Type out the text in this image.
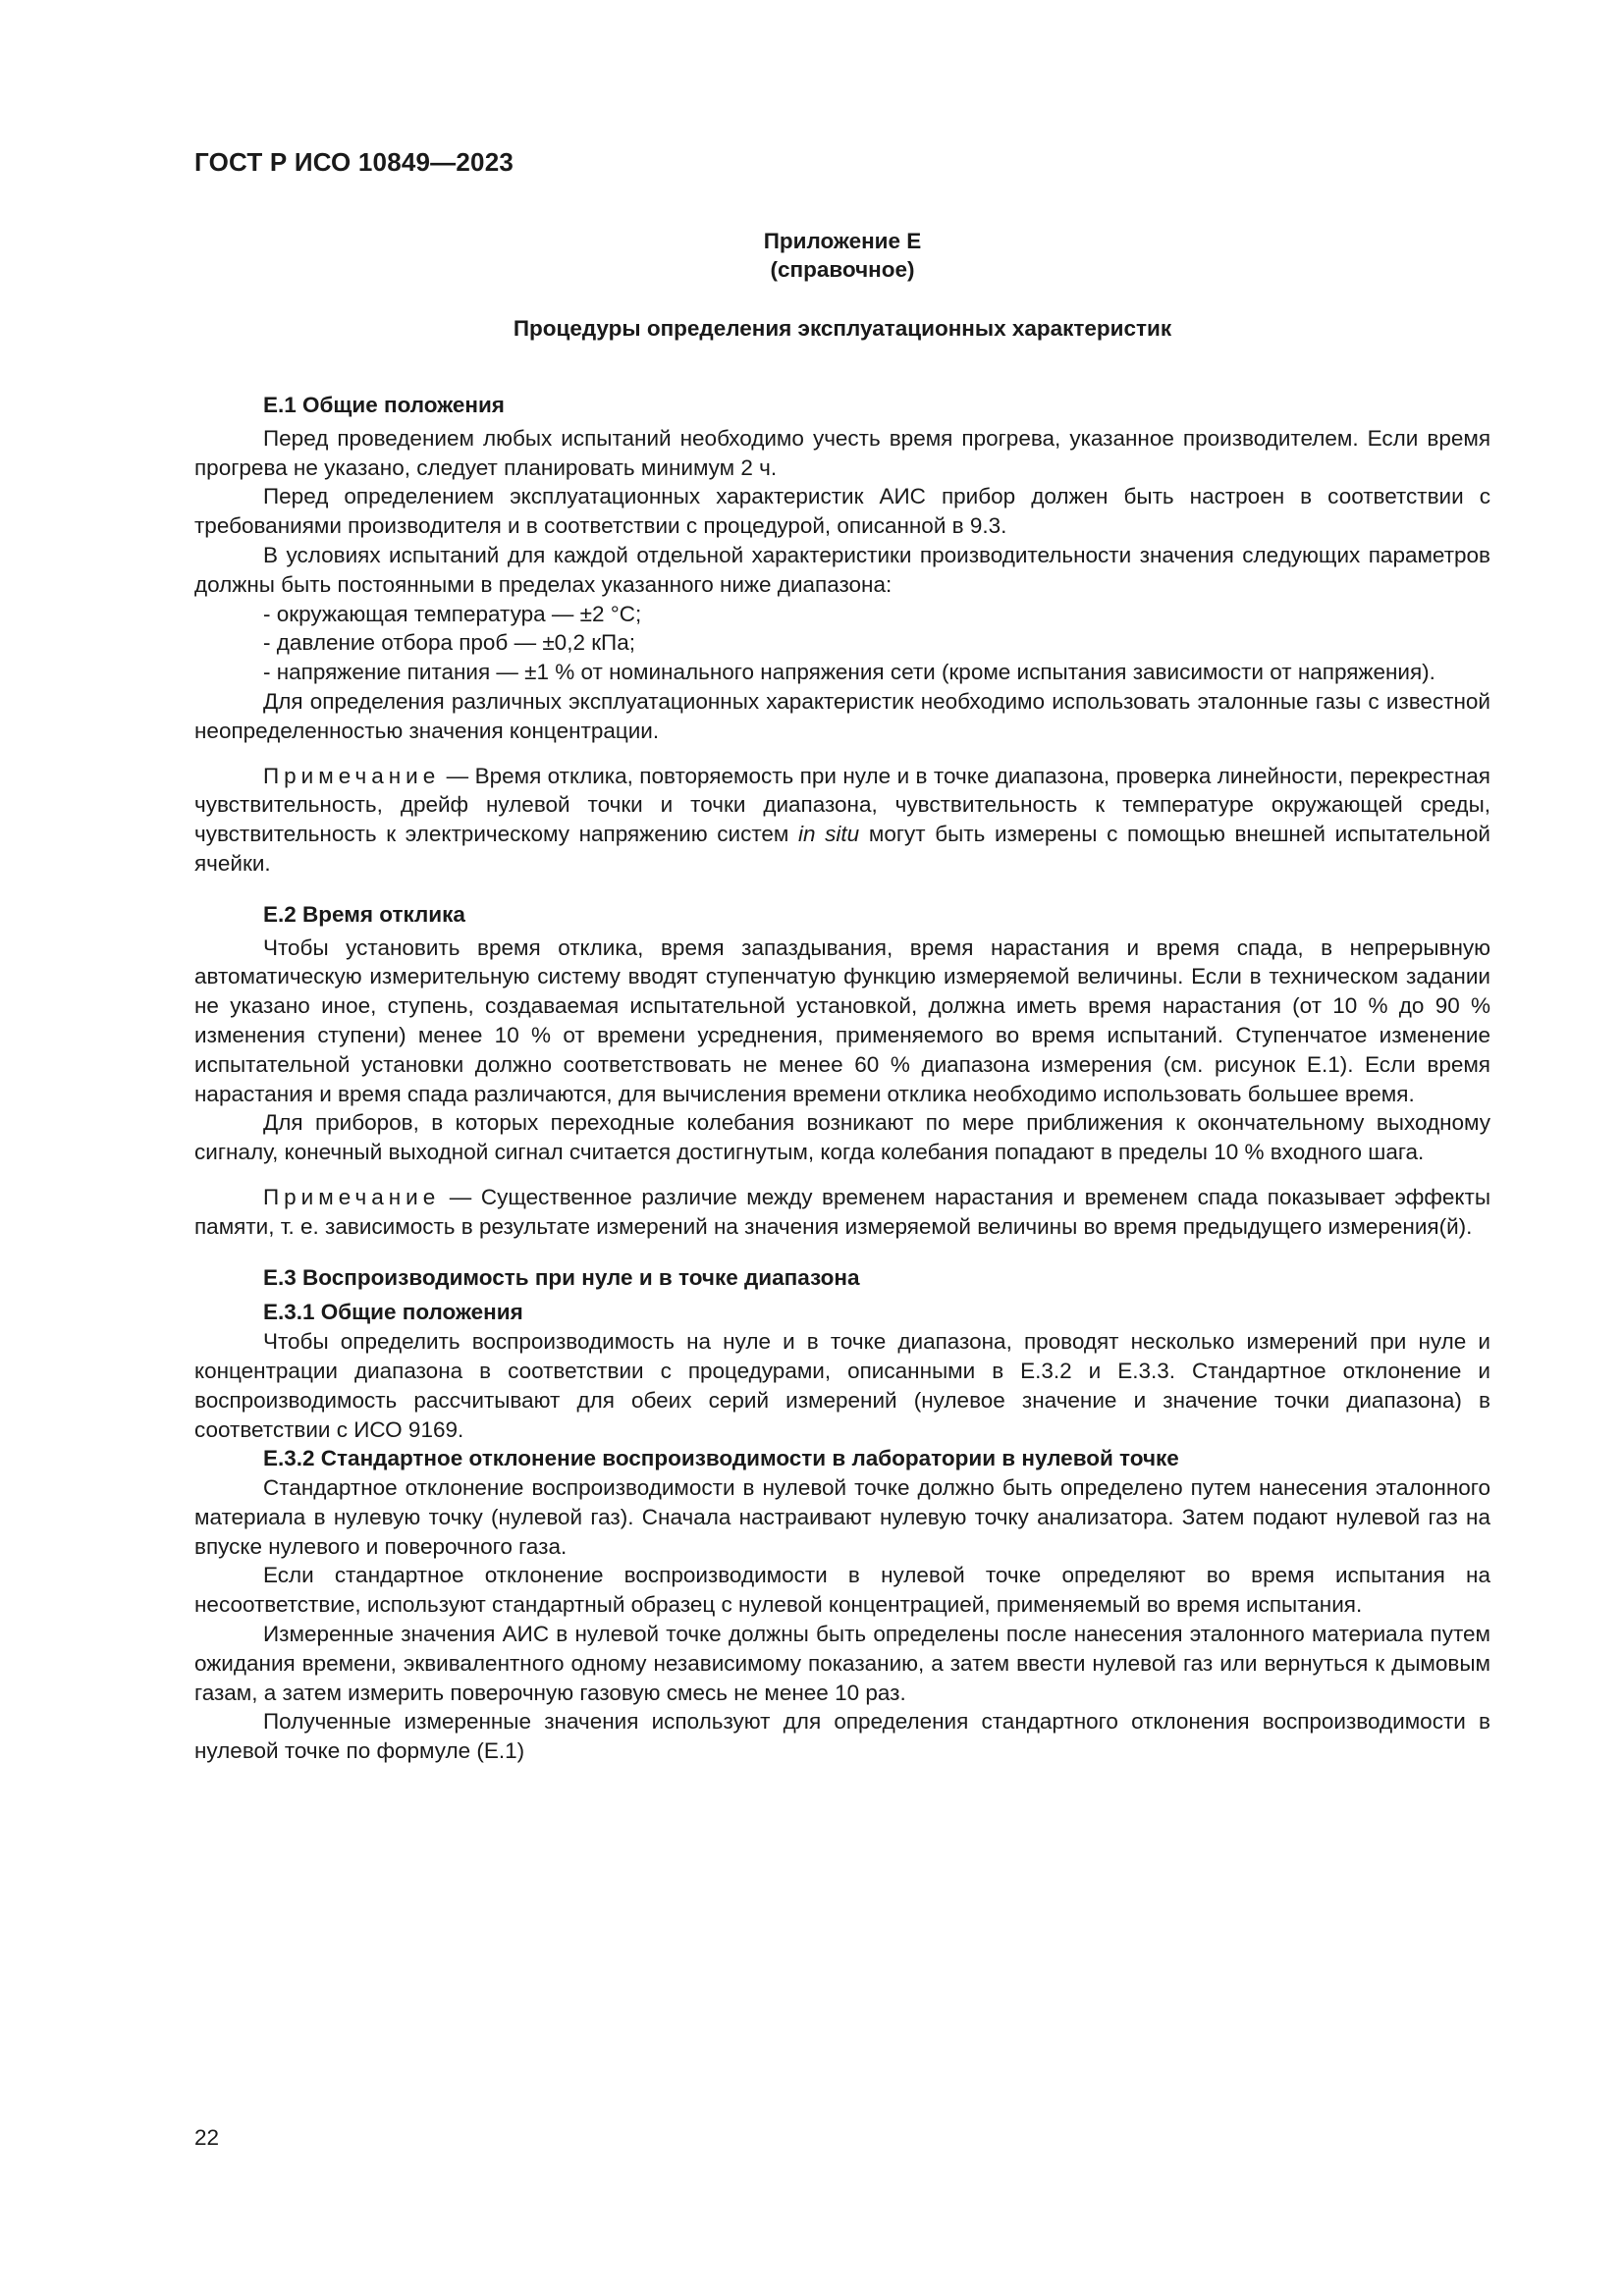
ГОСТ Р ИСО 10849—2023
Приложение Е
(справочное)
Процедуры определения эксплуатационных характеристик
Е.1 Общие положения

Перед проведением любых испытаний необходимо учесть время прогрева, указанное производителем. Если время прогрева не указано, следует планировать минимум 2 ч.

Перед определением эксплуатационных характеристик АИС прибор должен быть настроен в соответствии с требованиями производителя и в соответствии с процедурой, описанной в 9.3.

В условиях испытаний для каждой отдельной характеристики производительности значения следующих параметров должны быть постоянными в пределах указанного ниже диапазона:

- окружающая температура — ±2 °С;

- давление отбора проб — ±0,2 кПа;

- напряжение питания — ±1 % от номинального напряжения сети (кроме испытания зависимости от напряжения).

Для определения различных эксплуатационных характеристик необходимо использовать эталонные газы с известной неопределенностью значения концентрации.

Примечание — Время отклика, повторяемость при нуле и в точке диапазона, проверка линейности, перекрестная чувствительность, дрейф нулевой точки и точки диапазона, чувствительность к температуре окружающей среды, чувствительность к электрическому напряжению систем in situ могут быть измерены с помощью внешней испытательной ячейки.

Е.2 Время отклика

Чтобы установить время отклика, время запаздывания, время нарастания и время спада, в непрерывную автоматическую измерительную систему вводят ступенчатую функцию измеряемой величины. Если в техническом задании не указано иное, ступень, создаваемая испытательной установкой, должна иметь время нарастания (от 10 % до 90 % изменения ступени) менее 10 % от времени усреднения, применяемого во время испытаний. Ступенчатое изменение испытательной установки должно соответствовать не менее 60 % диапазона измерения (см. рисунок Е.1). Если время нарастания и время спада различаются, для вычисления времени отклика необходимо использовать большее время.

Для приборов, в которых переходные колебания возникают по мере приближения к окончательному выходному сигналу, конечный выходной сигнал считается достигнутым, когда колебания попадают в пределы 10 % входного шага.

Примечание — Существенное различие между временем нарастания и временем спада показывает эффекты памяти, т. е. зависимость в результате измерений на значения измеряемой величины во время предыдущего измерения(й).

Е.3 Воспроизводимость при нуле и в точке диапазона
Е.3.1 Общие положения

Чтобы определить воспроизводимость на нуле и в точке диапазона, проводят несколько измерений при нуле и концентрации диапазона в соответствии с процедурами, описанными в Е.3.2 и Е.3.3. Стандартное отклонение и воспроизводимость рассчитывают для обеих серий измерений (нулевое значение и значение точки диапазона) в соответствии с ИСО 9169.

Е.3.2 Стандартное отклонение воспроизводимости в лаборатории в нулевой точке

Стандартное отклонение воспроизводимости в нулевой точке должно быть определено путем нанесения эталонного материала в нулевую точку (нулевой газ). Сначала настраивают нулевую точку анализатора. Затем подают нулевой газ на впуске нулевого и поверочного газа.

Если стандартное отклонение воспроизводимости в нулевой точке определяют во время испытания на несоответствие, используют стандартный образец с нулевой концентрацией, применяемый во время испытания.

Измеренные значения АИС в нулевой точке должны быть определены после нанесения эталонного материала путем ожидания времени, эквивалентного одному независимому показанию, а затем ввести нулевой газ или вернуться к дымовым газам, а затем измерить поверочную газовую смесь не менее 10 раз.

Полученные измеренные значения используют для определения стандартного отклонения воспроизводимости в нулевой точке по формуле (Е.1)

22
